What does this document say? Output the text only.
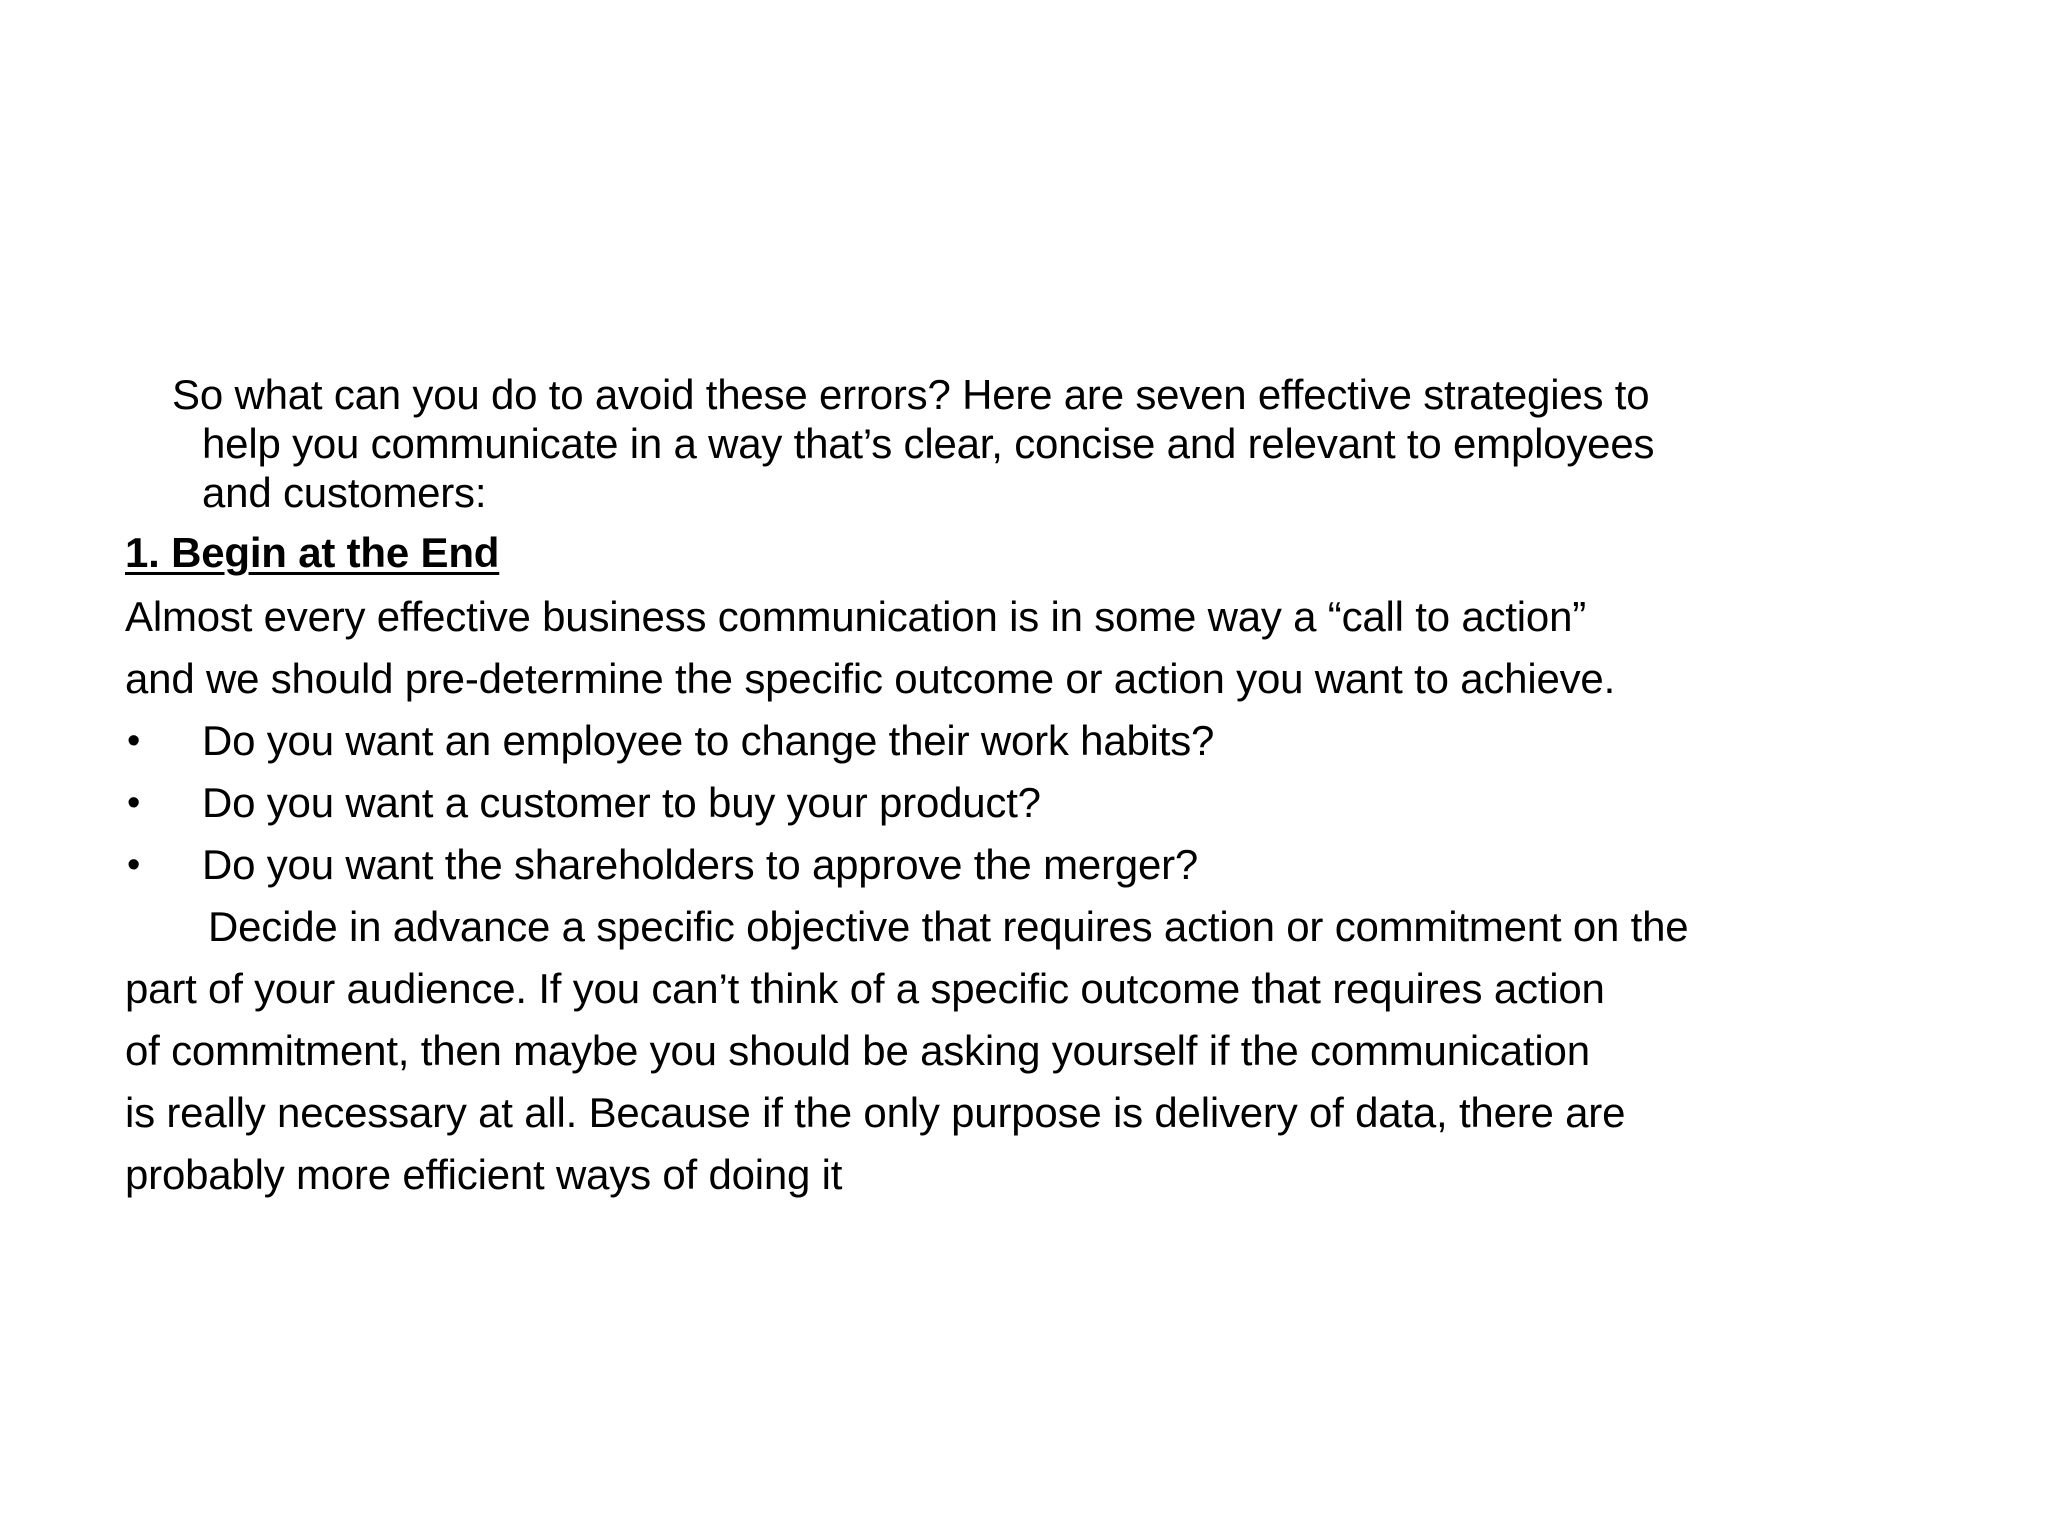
So what can you do to avoid these errors? Here are seven effective strategies to
help you communicate in a way that’s clear, concise and relevant to employees
and customers:
1. Begin at the End
Almost every effective business communication is in some way a “call to action”
and we should pre-determine the specific outcome or action you want to achieve.
• Do you want an employee to change their work habits?
• Do you want a customer to buy your product?
• Do you want the shareholders to approve the merger?
Decide in advance a specific objective that requires action or commitment on the
part of your audience. If you can’t think of a specific outcome that requires action
of commitment, then maybe you should be asking yourself if the communication
is really necessary at all. Because if the only purpose is delivery of data, there are
probably more efficient ways of doing it
